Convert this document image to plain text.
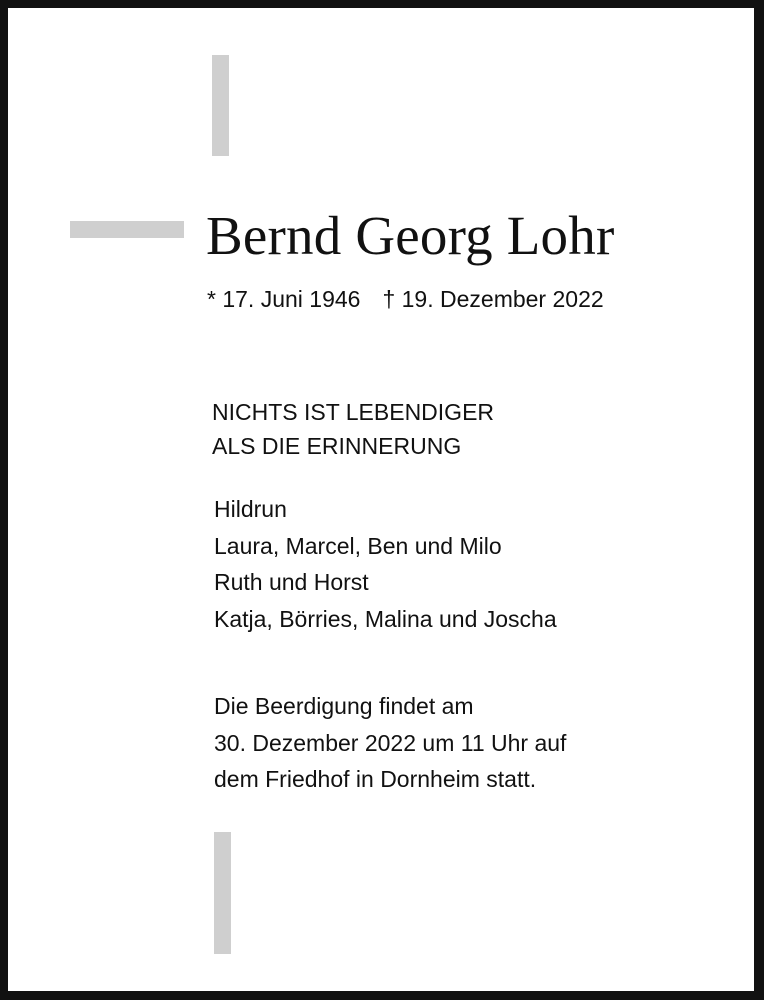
Bernd Georg Lohr
* 17. Juni 1946 † 19. Dezember 2022
NICHTS IST LEBENDIGER
ALS DIE ERINNERUNG
Hildrun
Laura, Marcel, Ben und Milo
Ruth und Horst
Katja, Börries, Malina und Joscha
Die Beerdigung findet am
30. Dezember 2022 um 11 Uhr auf
dem Friedhof in Dornheim statt.
